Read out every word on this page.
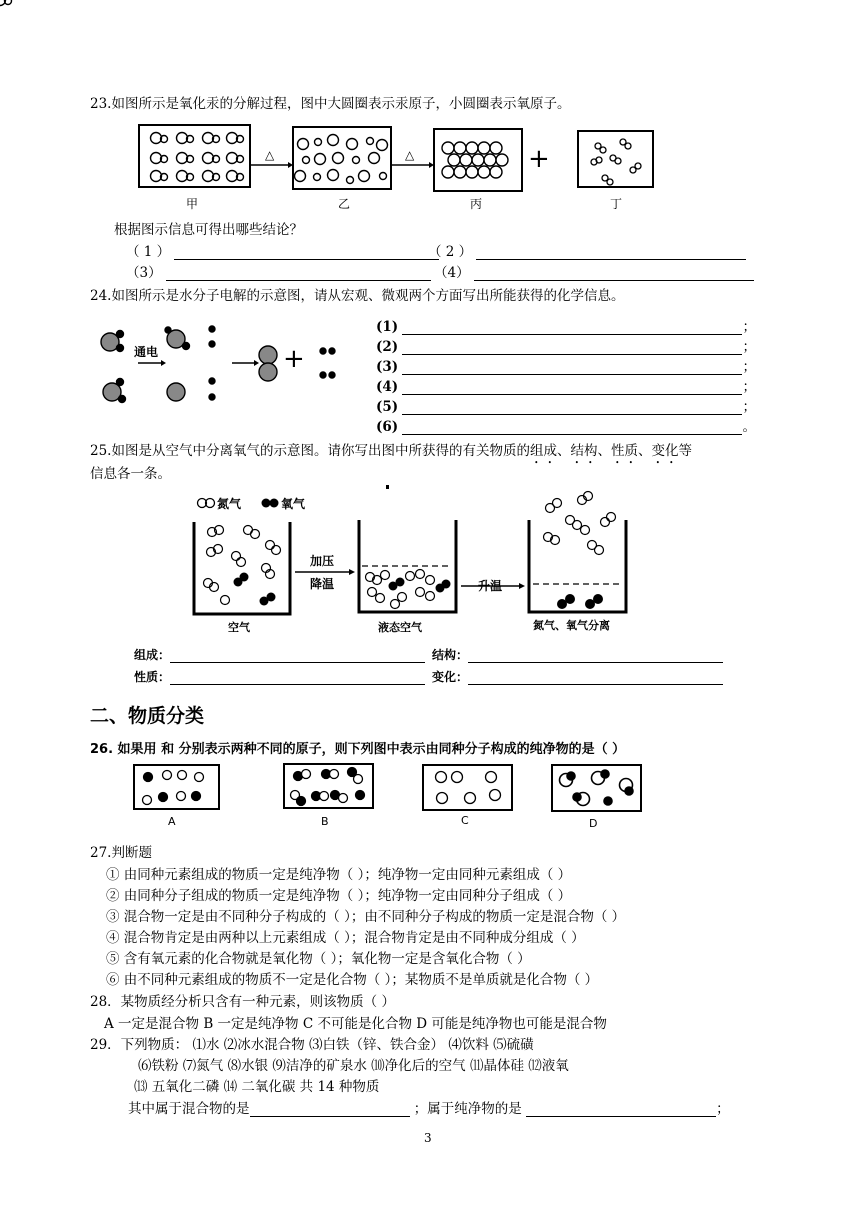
23.如图所示是氧化汞的分解过程，图中大圆圈表示汞原子，小圆圈表示氧原子。
△	△	+
甲	乙	丙	丁
根据图示信息可得出哪些结论？
（ 1 ）	（ 2 ）
（3）	（4）
24.如图所示是水分子电解的示意图，请从宏观、微观两个方面写出所能获得的化学信息。
通电	+
(1)	；
(2)	；
(3)	；
(4)	；
(5)	；
(6)	。
25.如图是从空气中分离氧气的示意图。请你写出图中所获得的有关物质的组成、结构、性质、变化等
信息各一条。
氮气	氧气
加压
降温	升温
空气	液态空气	氮气、氧气分离
组成：	结构：
性质：	变化：
二、物质分类
26. 如果用 和 分别表示两种不同的原子，则下列图中表示由同种分子构成的纯净物的是（ ）
A	B	C	D
27.判断题
① 由同种元素组成的物质一定是纯净物（ ）；纯净物一定由同种元素组成（ ）
② 由同种分子组成的物质一定是纯净物（ ）；纯净物一定由同种分子组成（ ）
③ 混合物一定是由不同种分子构成的（ ）；由不同种分子构成的物质一定是混合物（ ）
④ 混合物肯定是由两种以上元素组成（ ）；混合物肯定是由不同种成分组成（ ）
⑤ 含有氧元素的化合物就是氧化物（ ）；氧化物一定是含氧化合物（ ）
⑥ 由不同种元素组成的物质不一定是化合物（ ）；某物质不是单质就是化合物（ ）
28．某物质经分析只含有一种元素，则该物质（ ）
A 一定是混合物 B 一定是纯净物 C 不可能是化合物 D 可能是纯净物也可能是混合物
29．下列物质： ⑴水 ⑵冰水混合物 ⑶白铁（锌、铁合金） ⑷饮料 ⑸硫磺
⑹铁粉 ⑺氮气 ⑻水银 ⑼洁净的矿泉水 ⑽净化后的空气 ⑾晶体硅 ⑿液氧
⒀ 五氧化二磷 ⒁ 二氧化碳 共 14 种物质
其中属于混合物的是	；属于纯净物的是	；
3
